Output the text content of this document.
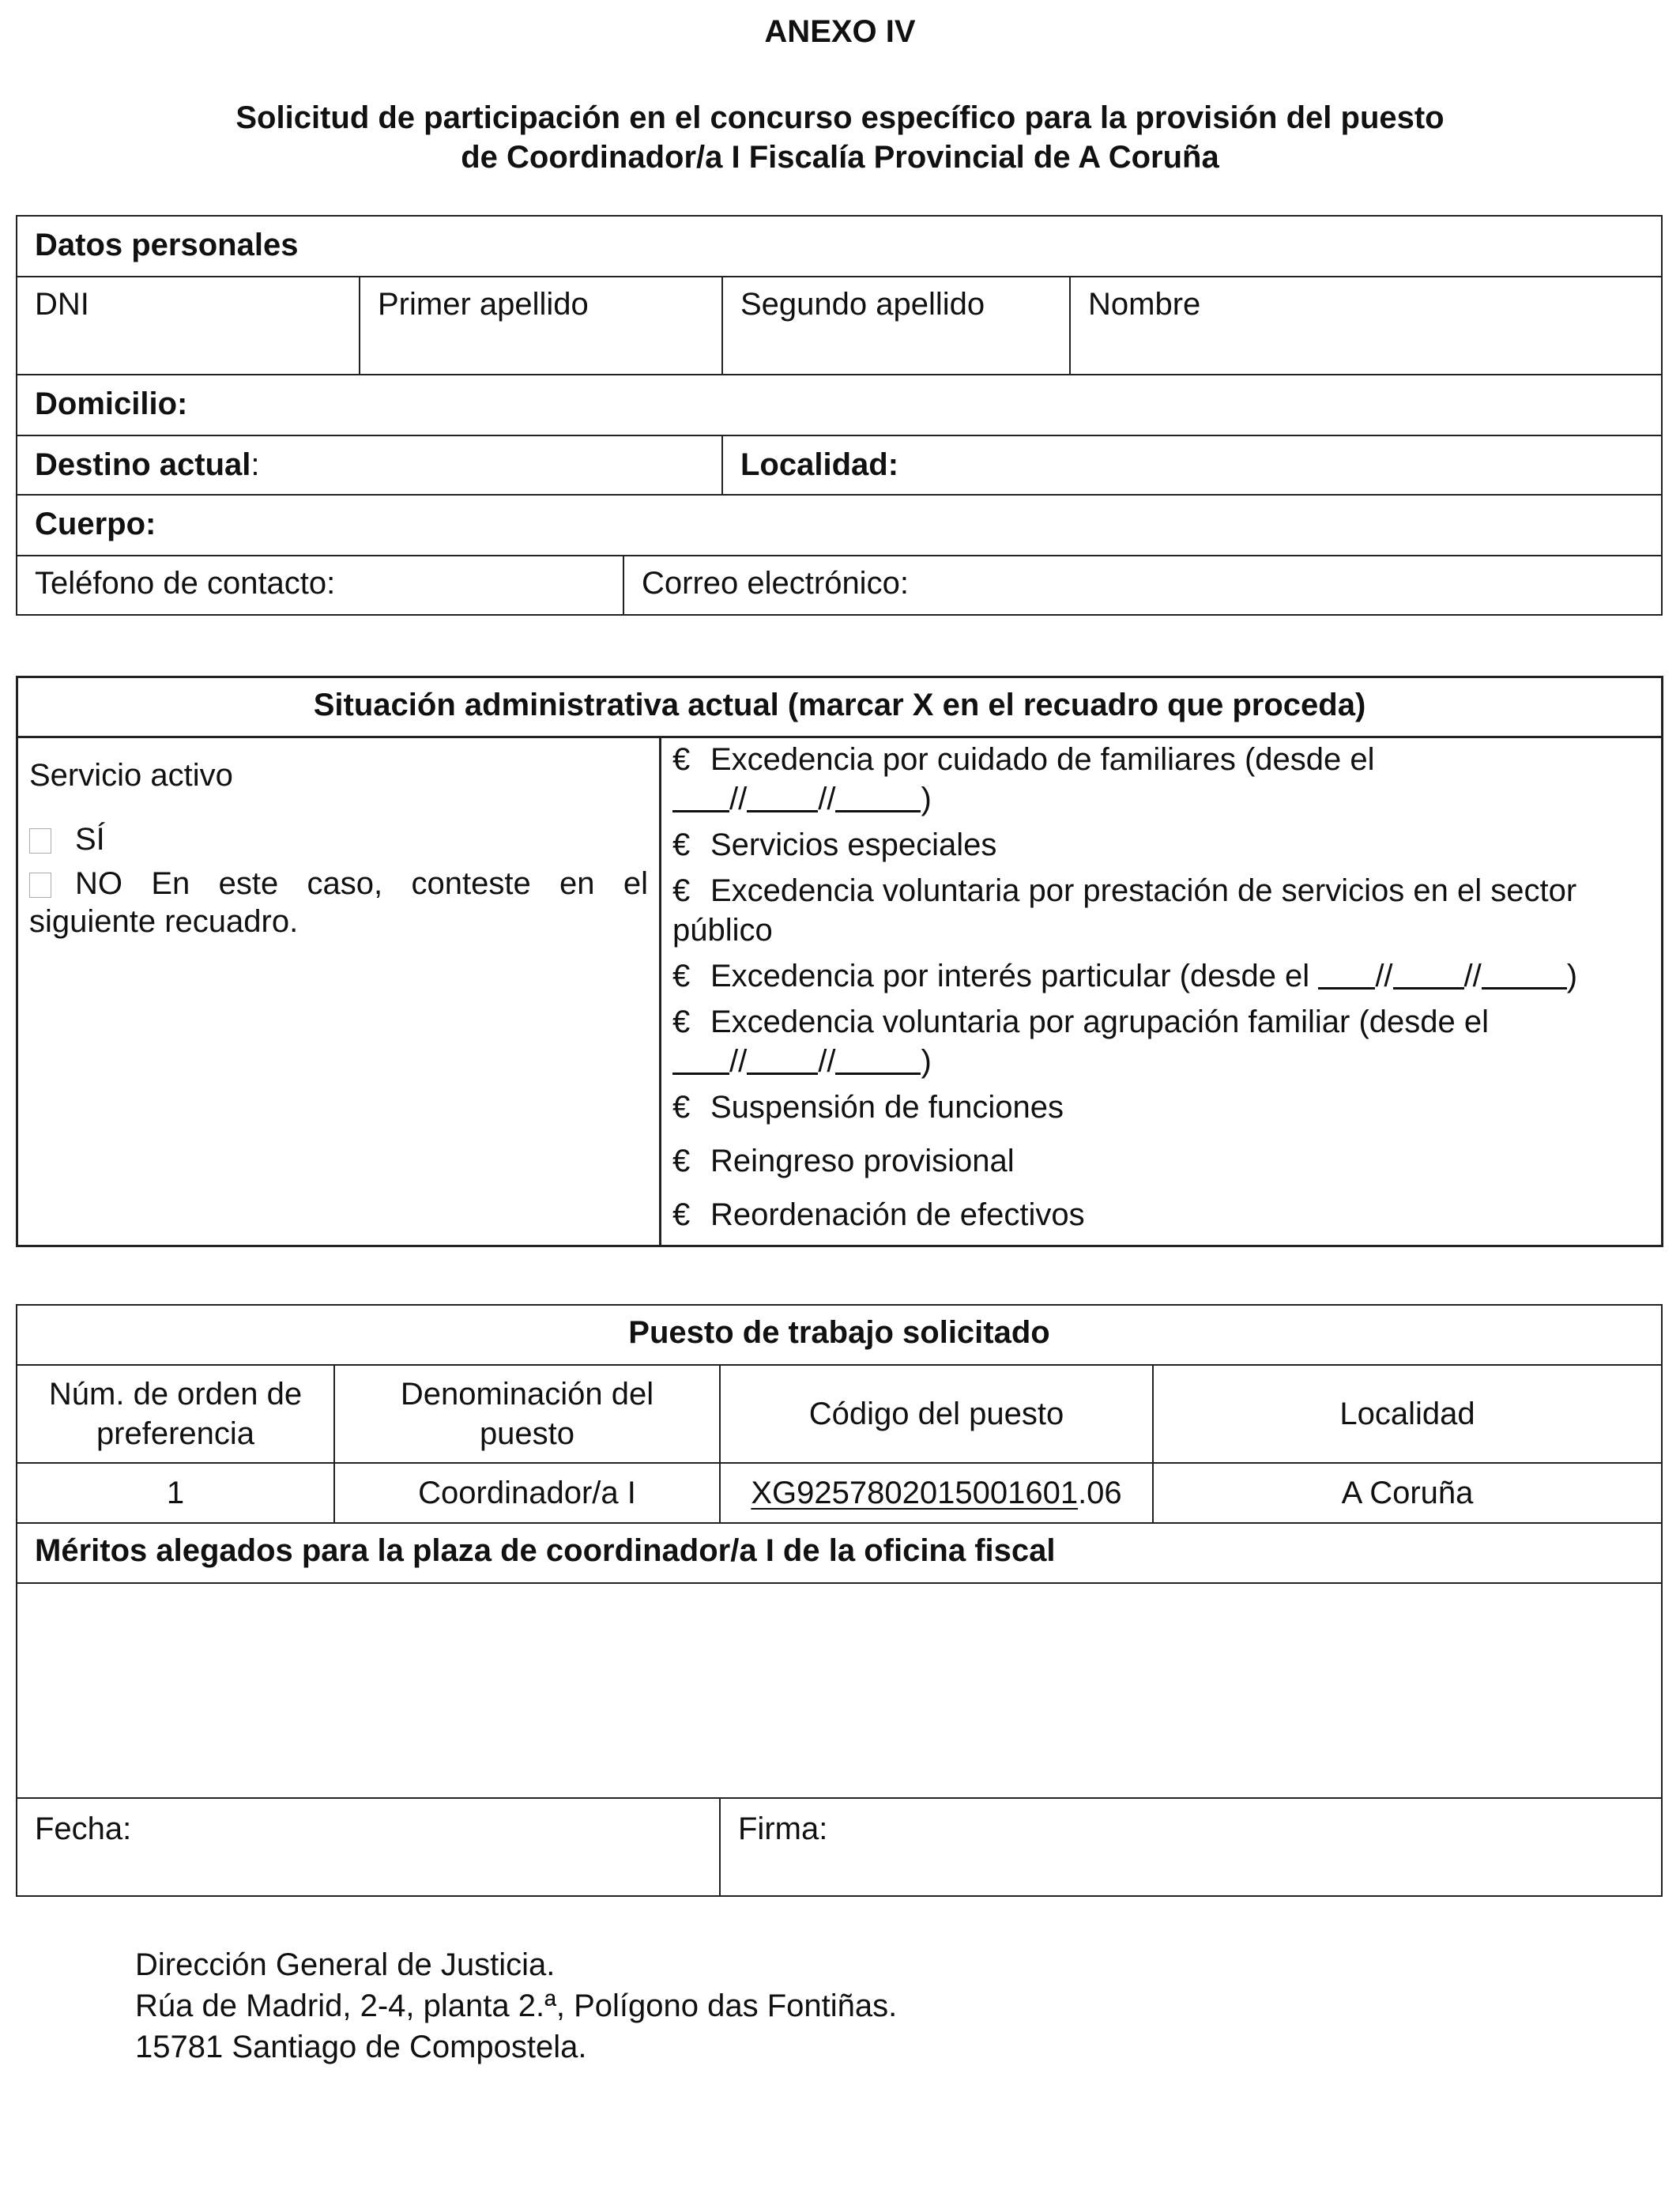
ANEXO IV
Solicitud de participación en el concurso específico para la provisión del puesto
de Coordinador/a I Fiscalía Provincial de A Coruña
Datos personales				
DNI	Primer apellido		Segundo apellido	Nombre
Domicilio:				
Destino actual:			Localidad:	
Cuerpo:				
Teléfono de contacto:		Correo electrónico:		
Situación administrativa actual (marcar X en el recuadro que proceda)

Servicio activo
SÍ
NO En este caso, conteste en el siguiente recuadro.

€ Excedencia por cuidado de familiares (desde el
// //	)
€ Servicios especiales
€ Excedencia voluntaria por prestación de servicios en el sector público
€ Excedencia por interés particular (desde el // //	)
€ Excedencia voluntaria por agrupación familiar (desde el
// //	)
€ Suspensión de funciones
€ Reingreso provisional
€ Reordenación de efectivos
Puesto de trabajo solicitado			
Núm. de orden de preferencia	Denominación del puesto	Código del puesto	Localidad
1	Coordinador/a I	XG9257802015001601.06	A Coruña
Méritos alegados para la plaza de coordinador/a I de la oficina fiscal			

Fecha:		Firma:	
Dirección General de Justicia.
Rúa de Madrid, 2-4, planta 2.ª, Polígono das Fontiñas.
15781 Santiago de Compostela.
